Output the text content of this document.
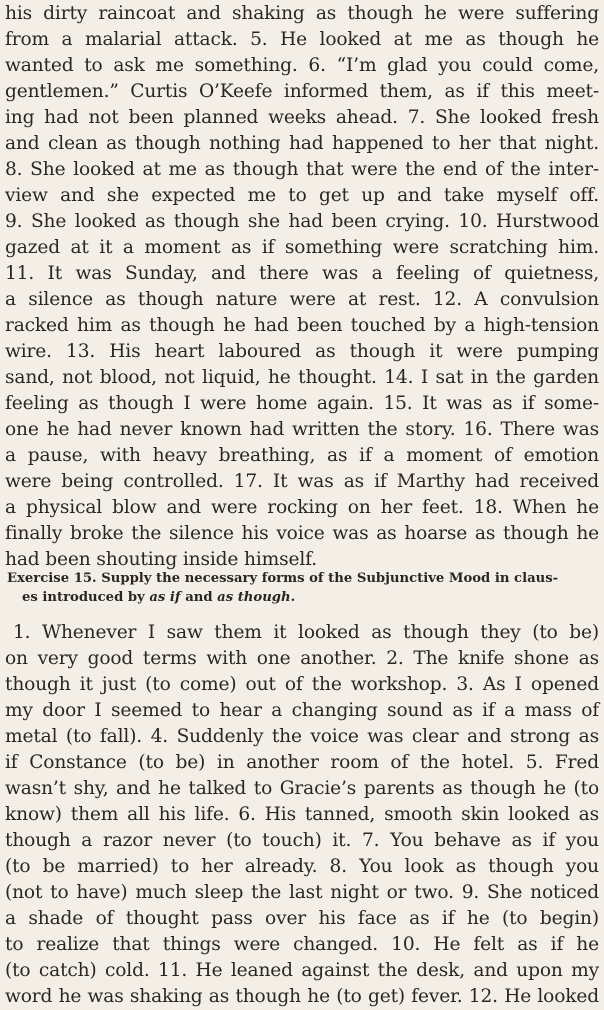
his dirty raincoat and shaking as though he were suffering
from a malarial attack. 5. He looked at me as though he
wanted to ask me something. 6. “I’m glad you could come,
gentlemen.” Curtis O’Keefe informed them, as if this meet-
ing had not been planned weeks ahead. 7. She looked fresh
and clean as though nothing had happened to her that night.
8. She looked at me as though that were the end of the inter-
view and she expected me to get up and take myself off.
9. She looked as though she had been crying. 10. Hurstwood
gazed at it a moment as if something were scratching him.
11. It was Sunday, and there was a feeling of quietness,
a silence as though nature were at rest. 12. A convulsion
racked him as though he had been touched by a high-tension
wire. 13. His heart laboured as though it were pumping
sand, not blood, not liquid, he thought. 14. I sat in the garden
feeling as though I were home again. 15. It was as if some-
one he had never known had written the story. 16. There was
a pause, with heavy breathing, as if a moment of emotion
were being controlled. 17. It was as if Marthy had received
a physical blow and were rocking on her feet. 18. When he
finally broke the silence his voice was as hoarse as though he
had been shouting inside himself.
Exercise 15. Supply the necessary forms of the Subjunctive Mood in claus-
es introduced by as if and as though.
1. Whenever I saw them it looked as though they (to be)
on very good terms with one another. 2. The knife shone as
though it just (to come) out of the workshop. 3. As I opened
my door I seemed to hear a changing sound as if a mass of
metal (to fall). 4. Suddenly the voice was clear and strong as
if Constance (to be) in another room of the hotel. 5. Fred
wasn’t shy, and he talked to Gracie’s parents as though he (to
know) them all his life. 6. His tanned, smooth skin looked as
though a razor never (to touch) it. 7. You behave as if you
(to be married) to her already. 8. You look as though you
(not to have) much sleep the last night or two. 9. She noticed
a shade of thought pass over his face as if he (to begin)
to realize that things were changed. 10. He felt as if he
(to catch) cold. 11. He leaned against the desk, and upon my
word he was shaking as though he (to get) fever. 12. He looked
